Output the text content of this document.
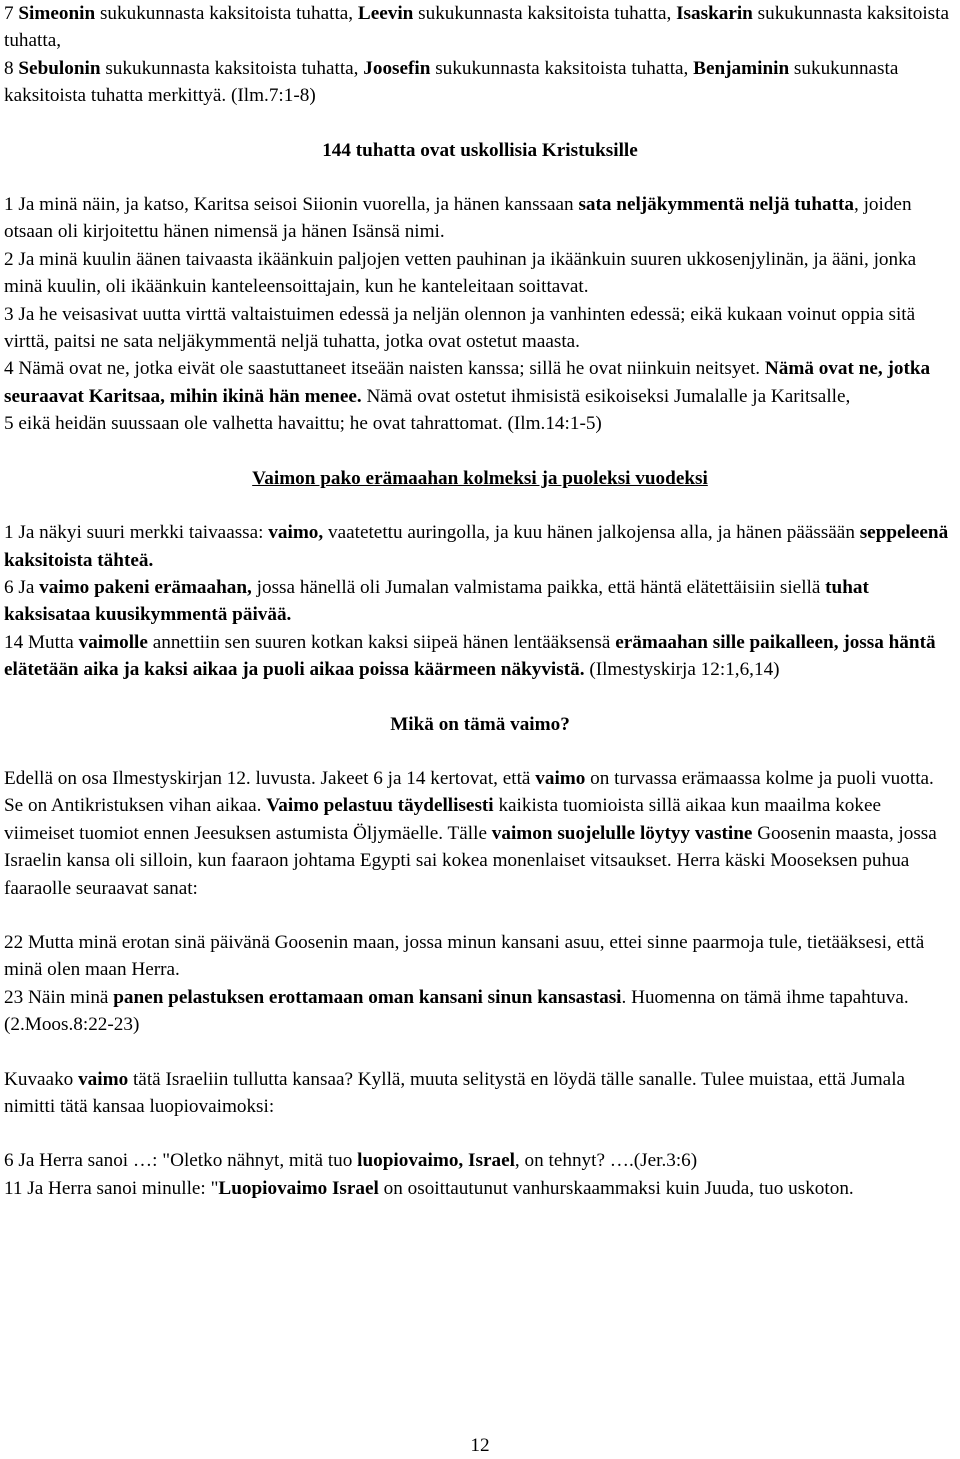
7 Simeonin sukukunnasta kaksitoista tuhatta, Leevin sukukunnasta kaksitoista tuhatta, Isaskarin sukukunnasta kaksitoista tuhatta,

8 Sebulonin sukukunnasta kaksitoista tuhatta, Joosefin sukukunnasta kaksitoista tuhatta, Benjaminin sukukunnasta kaksitoista tuhatta merkittyä. (Ilm.7:1-8)

144 tuhatta ovat uskollisia Kristuksille

1 Ja minä näin, ja katso, Karitsa seisoi Siionin vuorella, ja hänen kanssaan sata neljäkymmentä neljä tuhatta, joiden otsaan oli kirjoitettu hänen nimensä ja hänen Isänsä nimi.

2 Ja minä kuulin äänen taivaasta ikäänkuin paljojen vetten pauhinan ja ikäänkuin suuren ukkosenjylinän, ja ääni, jonka minä kuulin, oli ikäänkuin kanteleensoittajain, kun he kanteleitaan soittavat.

3 Ja he veisasivat uutta virttä valtaistuimen edessä ja neljän olennon ja vanhinten edessä; eikä kukaan voinut oppia sitä virttä, paitsi ne sata neljäkymmentä neljä tuhatta, jotka ovat ostetut maasta.

4 Nämä ovat ne, jotka eivät ole saastuttaneet itseään naisten kanssa; sillä he ovat niinkuin neitsyet. Nämä ovat ne, jotka seuraavat Karitsaa, mihin ikinä hän menee. Nämä ovat ostetut ihmisistä esikoiseksi Jumalalle ja Karitsalle,

5 eikä heidän suussaan ole valhetta havaittu; he ovat tahrattomat. (Ilm.14:1-5)

Vaimon pako erämaahan kolmeksi ja puoleksi vuodeksi

1 Ja näkyi suuri merkki taivaassa: vaimo, vaatetettu auringolla, ja kuu hänen jalkojensa alla, ja hänen päässään seppeleenä kaksitoista tähteä.

6 Ja vaimo pakeni erämaahan, jossa hänellä oli Jumalan valmistama paikka, että häntä elätettäisiin siellä tuhat kaksisataa kuusikymmentä päivää.

14 Mutta vaimolle annettiin sen suuren kotkan kaksi siipeä hänen lentääksensä erämaahan sille paikalleen, jossa häntä elätetään aika ja kaksi aikaa ja puoli aikaa poissa käärmeen näkyvistä. (Ilmestyskirja 12:1,6,14)

Mikä on tämä vaimo?

Edellä on osa Ilmestyskirjan 12. luvusta. Jakeet 6 ja 14 kertovat, että vaimo on turvassa erämaassa kolme ja puoli vuotta. Se on Antikristuksen vihan aikaa. Vaimo pelastuu täydellisesti kaikista tuomioista sillä aikaa kun maailma kokee viimeiset tuomiot ennen Jeesuksen astumista Öljymäelle. Tälle vaimon suojelulle löytyy vastine Goosenin maasta, jossa Israelin kansa oli silloin, kun faaraon johtama Egypti sai kokea monenlaiset vitsaukset. Herra käski Mooseksen puhua faaraolle seuraavat sanat:

22 Mutta minä erotan sinä päivänä Goosenin maan, jossa minun kansani asuu, ettei sinne paarmoja tule, tietääksesi, että minä olen maan Herra.

23 Näin minä panen pelastuksen erottamaan oman kansani sinun kansastasi. Huomenna on tämä ihme tapahtuva. (2.Moos.8:22-23)

Kuvaako vaimo tätä Israeliin tullutta kansaa? Kyllä, muuta selitystä en löydä tälle sanalle. Tulee muistaa, että Jumala nimitti tätä kansaa luopiovaimoksi:

6 Ja Herra sanoi …: "Oletko nähnyt, mitä tuo luopiovaimo, Israel, on tehnyt? ….(Jer.3:6)

11 Ja Herra sanoi minulle: "Luopiovaimo Israel on osoittautunut vanhurskaammaksi kuin Juuda, tuo uskoton.

12
